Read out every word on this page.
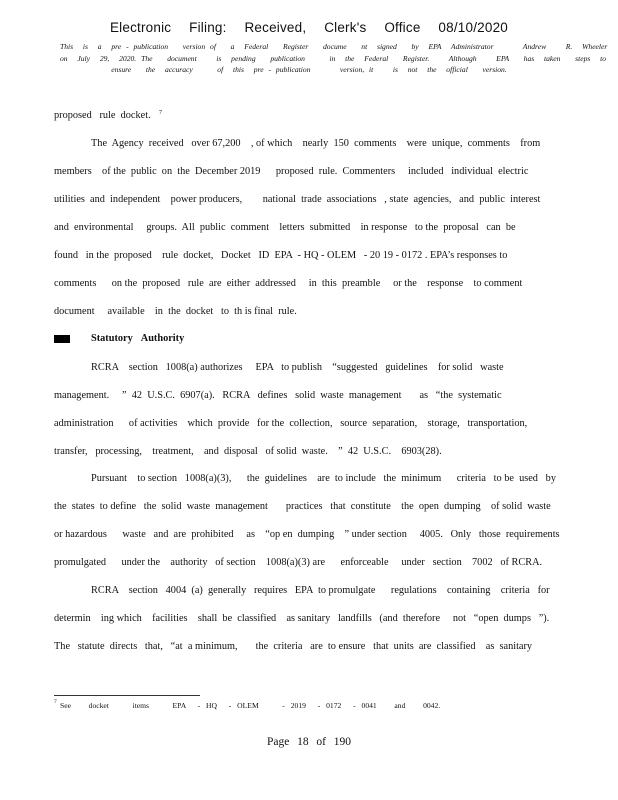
Electronic  Filing:  Received,  Clerk's  Office  08/10/2020
This  is  a  pre - publication   version of   a  Federal   Register   docume   nt  signed   by  EPA  Administrator      Andrew    R.  Wheeler
on  July  29,  2020. The   document    is  pending   publication     in  the  Federal   Register.    Although    EPA   has  taken   steps  to
ensure   the  accuracy     of  this  pre - publication      version, it    is  not  the  official   version.
proposed   rule  docket.	7
The  Agency  received   over 67,200    , of which    nearly  150  comments    were  unique,  comments    from
members    of the  public  on  the  December 2019      proposed  rule.  Commenters     included   individual  electric
utilities  and  independent    power producers,        national  trade  associations   , state  agencies,   and  public  interest
and  environmental     groups.  All  public  comment    letters  submitted    in response   to the  proposal   can  be
found   in the  proposed    rule  docket,   Docket   ID  EPA  - HQ - OLEM   - 20 19 - 0172 . EPA’s responses to
comments      on the  proposed   rule  are  either  addressed     in  this  preamble     or the    response    to comment
document     available    in  the  docket   to  th is final  rule.
Statutory Authority
RCRA    section   1008(a) authorizes     EPA   to publish    “suggested   guidelines    for solid   waste
management.     ”  42  U.S.C.  6907(a).   RCRA   defines   solid  waste  management       as   “the  systematic
administration      of activities    which  provide   for the  collection,   source  separation,    storage,   transportation,
transfer,   processing,    treatment,    and  disposal   of solid  waste.    ”  42  U.S.C.    6903(28).
Pursuant    to section   1008(a)(3),      the  guidelines    are  to include   the  minimum      criteria   to be  used   by
the  states  to define   the  solid  waste  management       practices   that  constitute    the  open  dumping    of solid  waste
or hazardous      waste   and  are  prohibited     as    “op en  dumping    ” under section     4005.   Only   those  requirements
promulgated      under the    authority   of section    1008(a)(3) are      enforceable     under   section    7002   of RCRA.
RCRA    section   4004  (a)  generally   requires   EPA  to promulgate      regulations    containing    criteria   for
determin    ing which    facilities    shall  be  classified    as sanitary   landfills   (and  therefore     not   “open  dumps   ”).
The   statute  directs   that,   “at  a minimum,       the  criteria   are  to ensure   that  units  are  classified    as  sanitary
7 See   docket    items    EPA  - HQ  - OLEM    - 2019  - 0172  - 0041   and   0042.
Page  18  of  190
